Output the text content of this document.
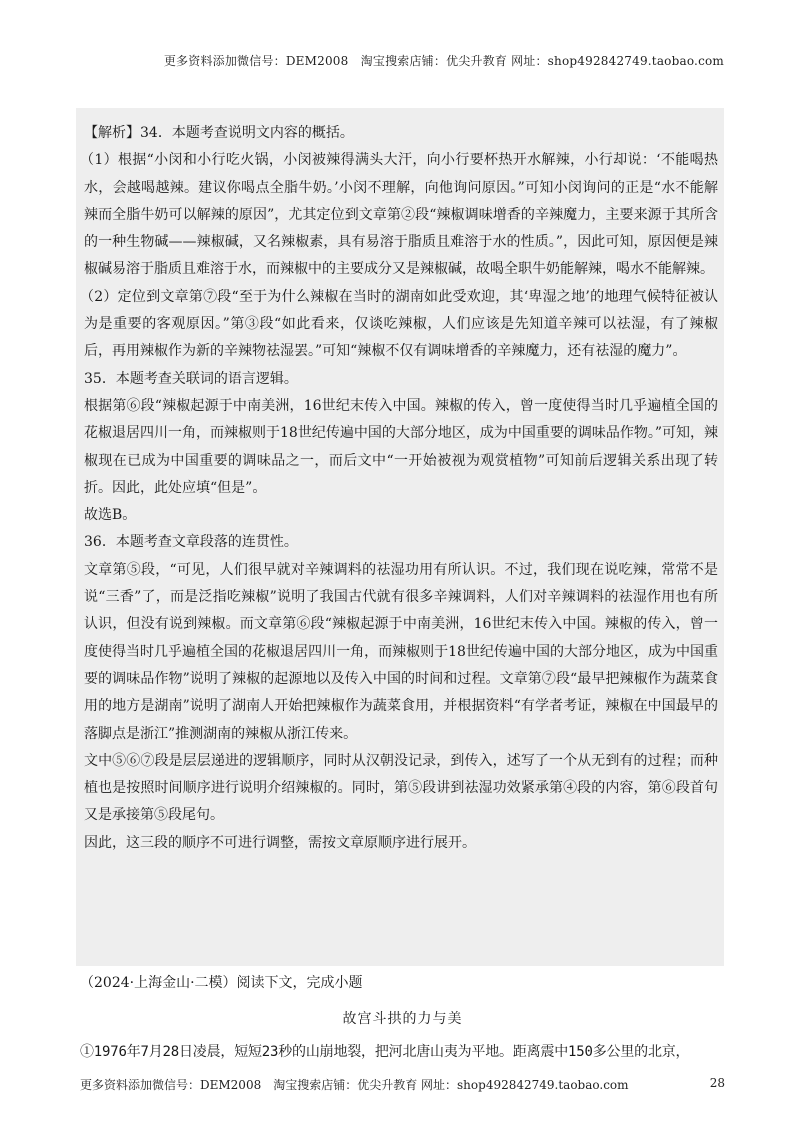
更多资料添加微信号：DEM2008　淘宝搜索店铺：优尖升教育 网址：shop492842749.taobao.com

【解析】34．本题考查说明文内容的概括。

（1）根据“小闵和小行吃火锅，小闵被辣得满头大汗，向小行要杯热开水解辣，小行却说：‘不能喝热水，会越喝越辣。建议你喝点全脂牛奶。’小闵不理解，向他询问原因。”可知小闵询问的正是“水不能解辣而全脂牛奶可以解辣的原因”，尤其定位到文章第②段“辣椒调味增香的辛辣魔力，主要来源于其所含的一种生物碱——辣椒碱，又名辣椒素，具有易溶于脂质且难溶于水的性质。”，因此可知，原因便是辣椒碱易溶于脂质且难溶于水，而辣椒中的主要成分又是辣椒碱，故喝全职牛奶能解辣，喝水不能解辣。

（2）定位到文章第⑦段“至于为什么辣椒在当时的湖南如此受欢迎，其‘卑湿之地’的地理气候特征被认为是重要的客观原因。”第③段“如此看来，仅谈吃辣椒，人们应该是先知道辛辣可以祛湿，有了辣椒后，再用辣椒作为新的辛辣物祛湿罢。”可知“辣椒不仅有调味增香的辛辣魔力，还有祛湿的魔力”。

35．本题考查关联词的语言逻辑。

根据第⑥段“辣椒起源于中南美洲，16世纪末传入中国。辣椒的传入，曾一度使得当时几乎遍植全国的花椒退居四川一角，而辣椒则于18世纪传遍中国的大部分地区，成为中国重要的调味品作物。”可知，辣椒现在已成为中国重要的调味品之一，而后文中“一开始被视为观赏植物”可知前后逻辑关系出现了转折。因此，此处应填“但是”。

故选B。

36．本题考查文章段落的连贯性。

文章第⑤段，“可见，人们很早就对辛辣调料的祛湿功用有所认识。不过，我们现在说吃辣，常常不是说“三香”了，而是泛指吃辣椒”说明了我国古代就有很多辛辣调料，人们对辛辣调料的祛湿作用也有所认识，但没有说到辣椒。而文章第⑥段“辣椒起源于中南美洲，16世纪末传入中国。辣椒的传入，曾一度使得当时几乎遍植全国的花椒退居四川一角，而辣椒则于18世纪传遍中国的大部分地区，成为中国重要的调味品作物”说明了辣椒的起源地以及传入中国的时间和过程。文章第⑦段“最早把辣椒作为蔬菜食用的地方是湖南”说明了湖南人开始把辣椒作为蔬菜食用，并根据资料“有学者考证，辣椒在中国最早的落脚点是浙江”推测湖南的辣椒从浙江传来。

文中⑤⑥⑦段是层层递进的逻辑顺序，同时从汉朝没记录，到传入，述写了一个从无到有的过程；而种植也是按照时间顺序进行说明介绍辣椒的。同时，第⑤段讲到祛湿功效紧承第④段的内容，第⑥段首句又是承接第⑤段尾句。

因此，这三段的顺序不可进行调整，需按文章原顺序进行展开。

（2024·上海金山·二模）阅读下文，完成小题
故宫斗拱的力与美
①1976年7月28日凌晨，短短23秒的山崩地裂，把河北唐山夷为平地。距离震中150多公里的北京，
更多资料添加微信号：DEM2008　淘宝搜索店铺：优尖升教育 网址：shop492842749.taobao.com	28
